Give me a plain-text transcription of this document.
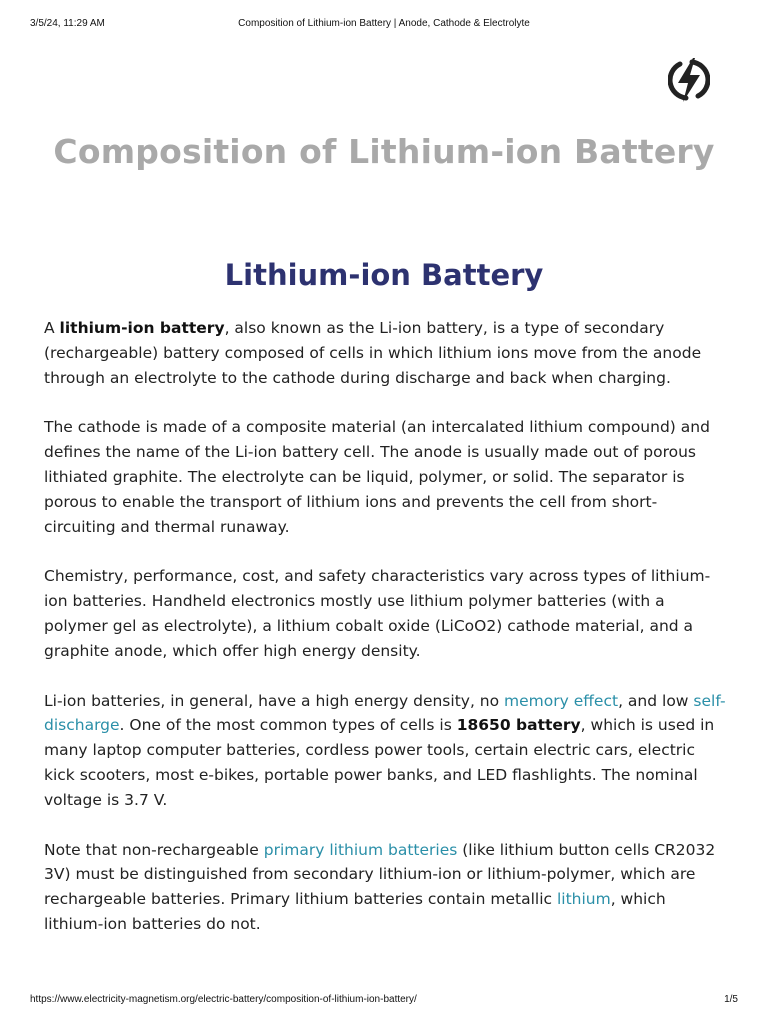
3/5/24, 11:29 AM	Composition of Lithium-ion Battery | Anode, Cathode & Electrolyte
Composition of Lithium-ion Battery
Lithium-ion Battery

A lithium-ion battery, also known as the Li-ion battery, is a type of secondary (rechargeable) battery composed of cells in which lithium ions move from the anode through an electrolyte to the cathode during discharge and back when charging.

The cathode is made of a composite material (an intercalated lithium compound) and defines the name of the Li-ion battery cell. The anode is usually made out of porous lithiated graphite. The electrolyte can be liquid, polymer, or solid. The separator is porous to enable the transport of lithium ions and prevents the cell from short-circuiting and thermal runaway.

Chemistry, performance, cost, and safety characteristics vary across types of lithium-ion batteries. Handheld electronics mostly use lithium polymer batteries (with a polymer gel as electrolyte), a lithium cobalt oxide (LiCoO2) cathode material, and a graphite anode, which offer high energy density.

Li-ion batteries, in general, have a high energy density, no memory effect, and low self-discharge. One of the most common types of cells is 18650 battery, which is used in many laptop computer batteries, cordless power tools, certain electric cars, electric kick scooters, most e-bikes, portable power banks, and LED flashlights. The nominal voltage is 3.7 V.

Note that non-rechargeable primary lithium batteries (like lithium button cells CR2032 3V) must be distinguished from secondary lithium-ion or lithium-polymer, which are rechargeable batteries. Primary lithium batteries contain metallic lithium, which lithium-ion batteries do not.

https://www.electricity-magnetism.org/electric-battery/composition-of-lithium-ion-battery/	1/5
